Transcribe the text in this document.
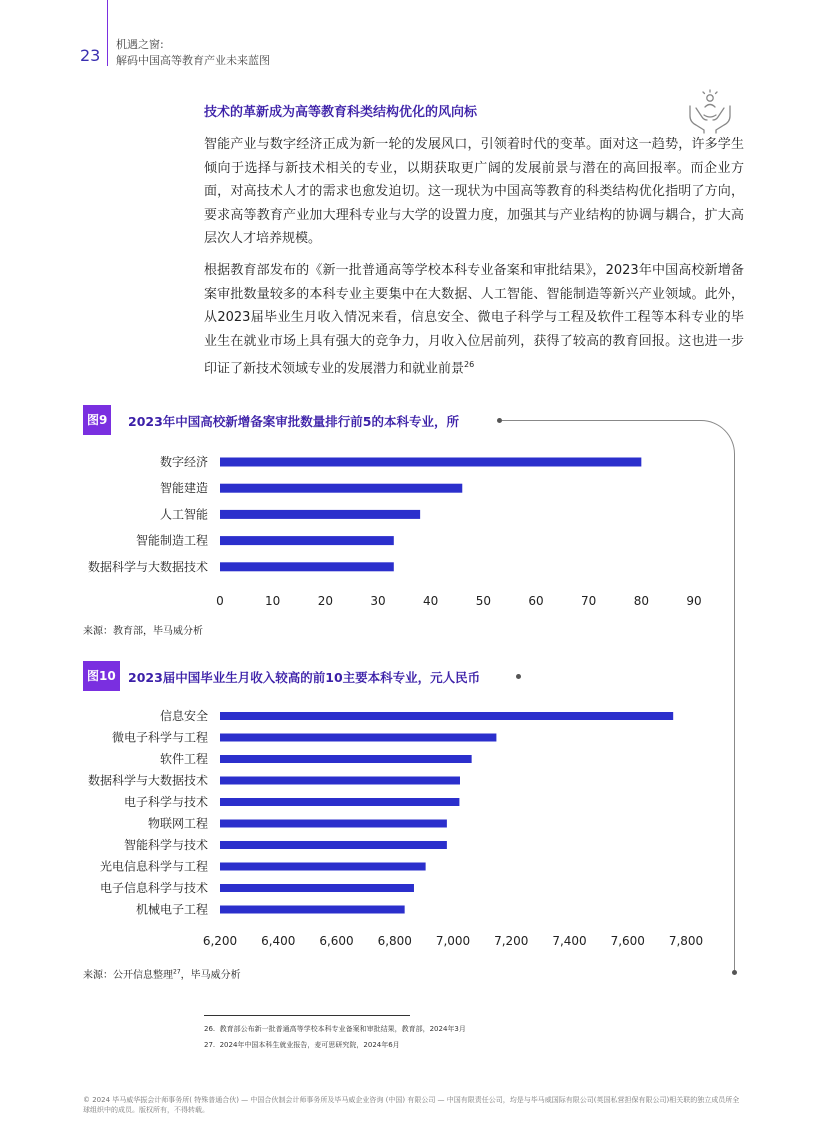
23
机遇之窗:
解码中国高等教育产业未来蓝图
技术的革新成为高等教育科类结构优化的风向标

智能产业与数字经济正成为新一轮的发展风口，引领着时代的变革。面对这一趋势，许多学生倾向于选择与新技术相关的专业，以期获取更广阔的发展前景与潜在的高回报率。而企业方面，对高技术人才的需求也愈发迫切。这一现状为中国高等教育的科类结构优化指明了方向，要求高等教育产业加大理科专业与大学的设置力度，加强其与产业结构的协调与耦合，扩大高层次人才培养规模。

根据教育部发布的《新一批普通高等学校本科专业备案和审批结果》，2023年中国高校新增备案审批数量较多的本科专业主要集中在大数据、人工智能、智能制造等新兴产业领域。此外，从2023届毕业生月收入情况来看，信息安全、微电子科学与工程及软件工程等本科专业的毕业生在就业市场上具有强大的竞争力，月收入位居前列，获得了较高的教育回报。这也进一步印证了新技术领域专业的发展潜力和就业前景$^{26}$

图9	2023年中国高校新增备案审批数量排行前5的本科专业，所
数字经济
智能建造
人工智能
智能制造工程
数据科学与大数据技术
0	10	20	30	40	50	60	70	80	90
来源：教育部，毕马威分析
图10 2023届中国毕业生月收入较高的前10主要本科专业，元人民币
信息安全
微电子科学与工程
软件工程
数据科学与大数据技术
电子科学与技术
物联网工程
智能科学与技术
光电信息科学与工程
电子信息科学与技术
机械电子工程
6,200 6,400 6,600 6,800 7,000 7,200 7,400 7,600 7,800
来源：公开信息整理$^{27}$，毕马威分析
26. 教育部公布新一批普通高等学校本科专业备案和审批结果，教育部，2024年3月
27. 2024年中国本科生就业报告，麦可思研究院，2024年6月
© 2024 毕马威华振会计师事务所( 特殊普通合伙) — 中国合伙制会计师事务所及毕马威企业咨询 (中国) 有限公司 — 中国有限责任公司，均是与毕马威国际有限公司(英国私营担保有限公司)相关联的独立成员所全球组织中的成员。版权所有，不得转载。
